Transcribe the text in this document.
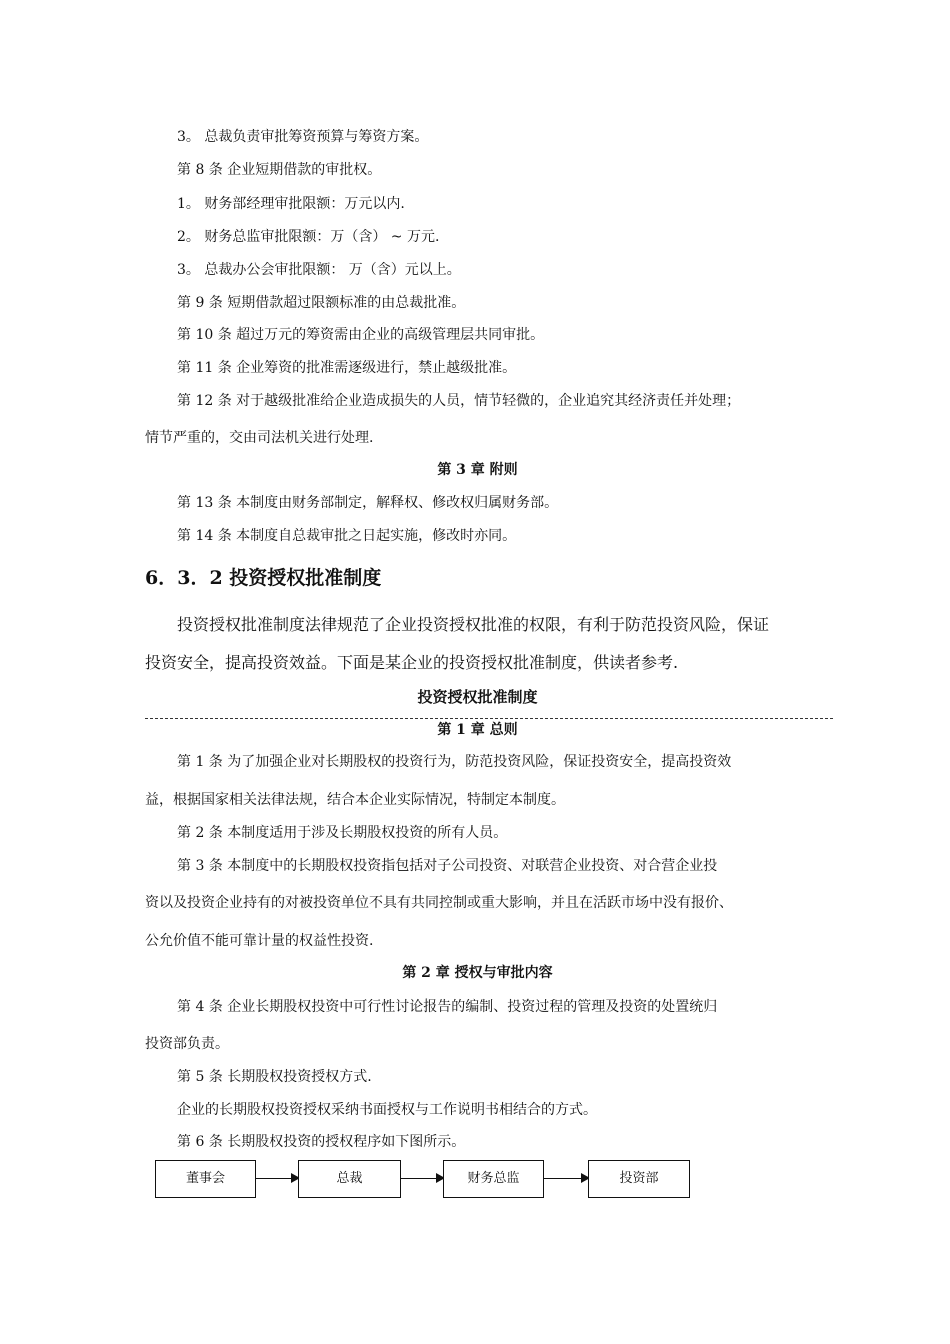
3。 总裁负责审批筹资预算与筹资方案。
第 8 条 企业短期借款的审批权。
1。 财务部经理审批限额：万元以内.
2。 财务总监审批限额：万（含） ~ 万元.
3。 总裁办公会审批限额： 万（含）元以上。
第 9 条 短期借款超过限额标准的由总裁批准。
第 10 条 超过万元的筹资需由企业的高级管理层共同审批。
第 11 条 企业筹资的批准需逐级进行，禁止越级批准。
第 12 条 对于越级批准给企业造成损失的人员，情节轻微的，企业追究其经济责任并处理；
情节严重的，交由司法机关进行处理.
第 3 章 附则
第 13 条 本制度由财务部制定，解释权、修改权归属财务部。
第 14 条 本制度自总裁审批之日起实施，修改时亦同。
6．3．2 投资授权批准制度
投资授权批准制度法律规范了企业投资授权批准的权限，有利于防范投资风险，保证
投资安全，提高投资效益。下面是某企业的投资授权批准制度，供读者参考.
投资授权批准制度
第 1 章 总则
第 1 条 为了加强企业对长期股权的投资行为，防范投资风险，保证投资安全，提高投资效
益，根据国家相关法律法规，结合本企业实际情况，特制定本制度。
第 2 条 本制度适用于涉及长期股权投资的所有人员。
第 3 条 本制度中的长期股权投资指包括对子公司投资、对联营企业投资、对合营企业投
资以及投资企业持有的对被投资单位不具有共同控制或重大影响，并且在活跃市场中没有报价、
公允价值不能可靠计量的权益性投资.
第 2 章 授权与审批内容
第 4 条 企业长期股权投资中可行性讨论报告的编制、投资过程的管理及投资的处置统归
投资部负责。
第 5 条 长期股权投资授权方式.
企业的长期股权投资授权采纳书面授权与工作说明书相结合的方式。
第 6 条 长期股权投资的授权程序如下图所示。
董事会	总裁	财务总监	投资部
